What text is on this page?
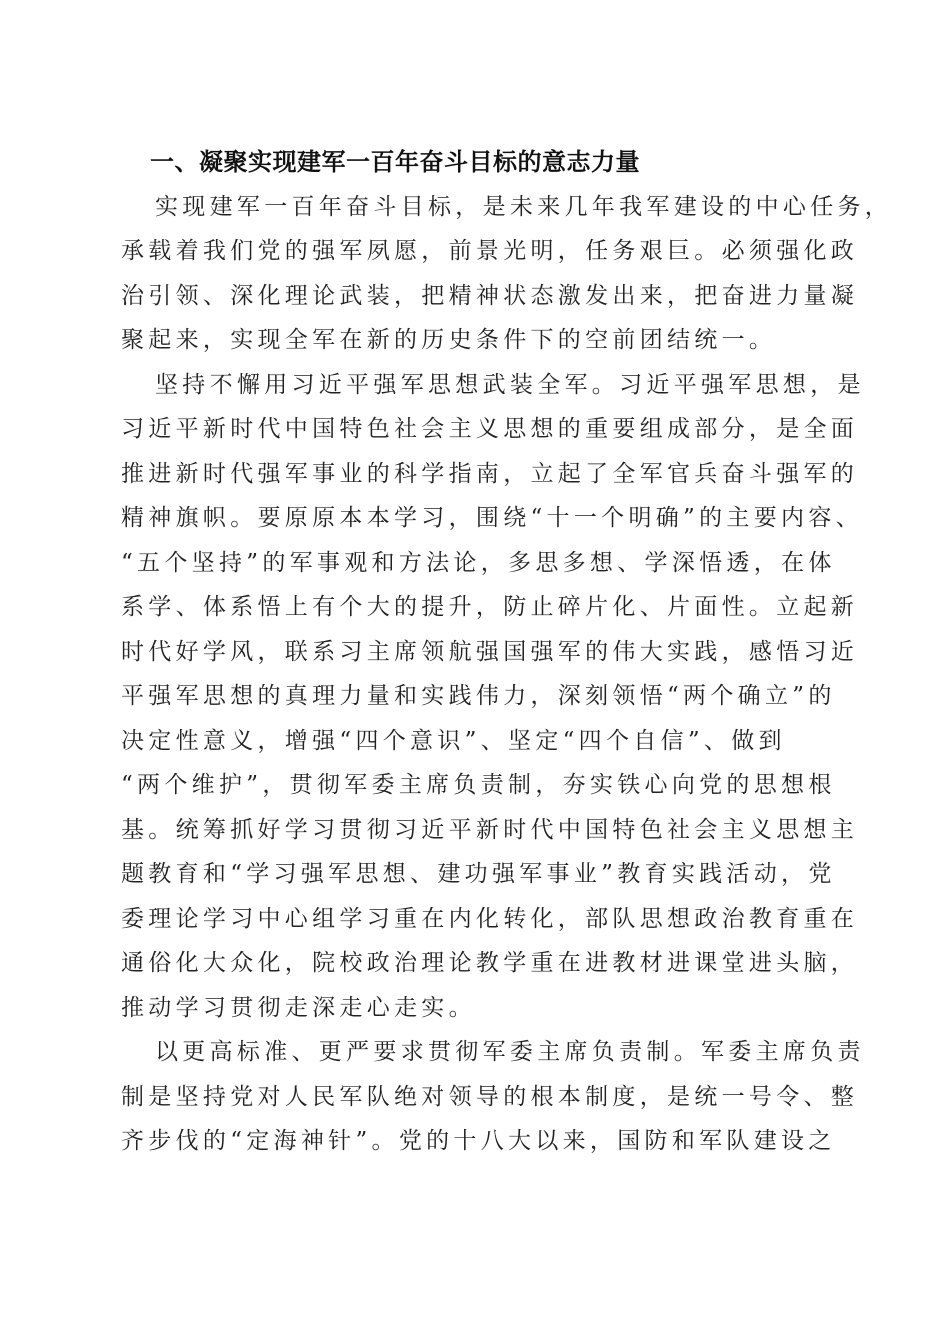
一、凝聚实现建军一百年奋斗目标的意志力量
实现建军一百年奋斗目标，是未来几年我军建设的中心任务，
承载着我们党的强军夙愿，前景光明，任务艰巨。必须强化政
治引领、深化理论武装，把精神状态激发出来，把奋进力量凝
聚起来，实现全军在新的历史条件下的空前团结统一。
坚持不懈用习近平强军思想武装全军。习近平强军思想，是
习近平新时代中国特色社会主义思想的重要组成部分，是全面
推进新时代强军事业的科学指南，立起了全军官兵奋斗强军的
精神旗帜。要原原本本学习，围绕“十一个明确”的主要内容、
“五个坚持”的军事观和方法论，多思多想、学深悟透，在体
系学、体系悟上有个大的提升，防止碎片化、片面性。立起新
时代好学风，联系习主席领航强国强军的伟大实践，感悟习近
平强军思想的真理力量和实践伟力，深刻领悟“两个确立”的
决定性意义，增强“四个意识”、坚定“四个自信”、做到
“两个维护”，贯彻军委主席负责制，夯实铁心向党的思想根
基。统筹抓好学习贯彻习近平新时代中国特色社会主义思想主
题教育和“学习强军思想、建功强军事业”教育实践活动，党
委理论学习中心组学习重在内化转化，部队思想政治教育重在
通俗化大众化，院校政治理论教学重在进教材进课堂进头脑，
推动学习贯彻走深走心走实。
以更高标准、更严要求贯彻军委主席负责制。军委主席负责
制是坚持党对人民军队绝对领导的根本制度，是统一号令、整
齐步伐的“定海神针”。党的十八大以来，国防和军队建设之
